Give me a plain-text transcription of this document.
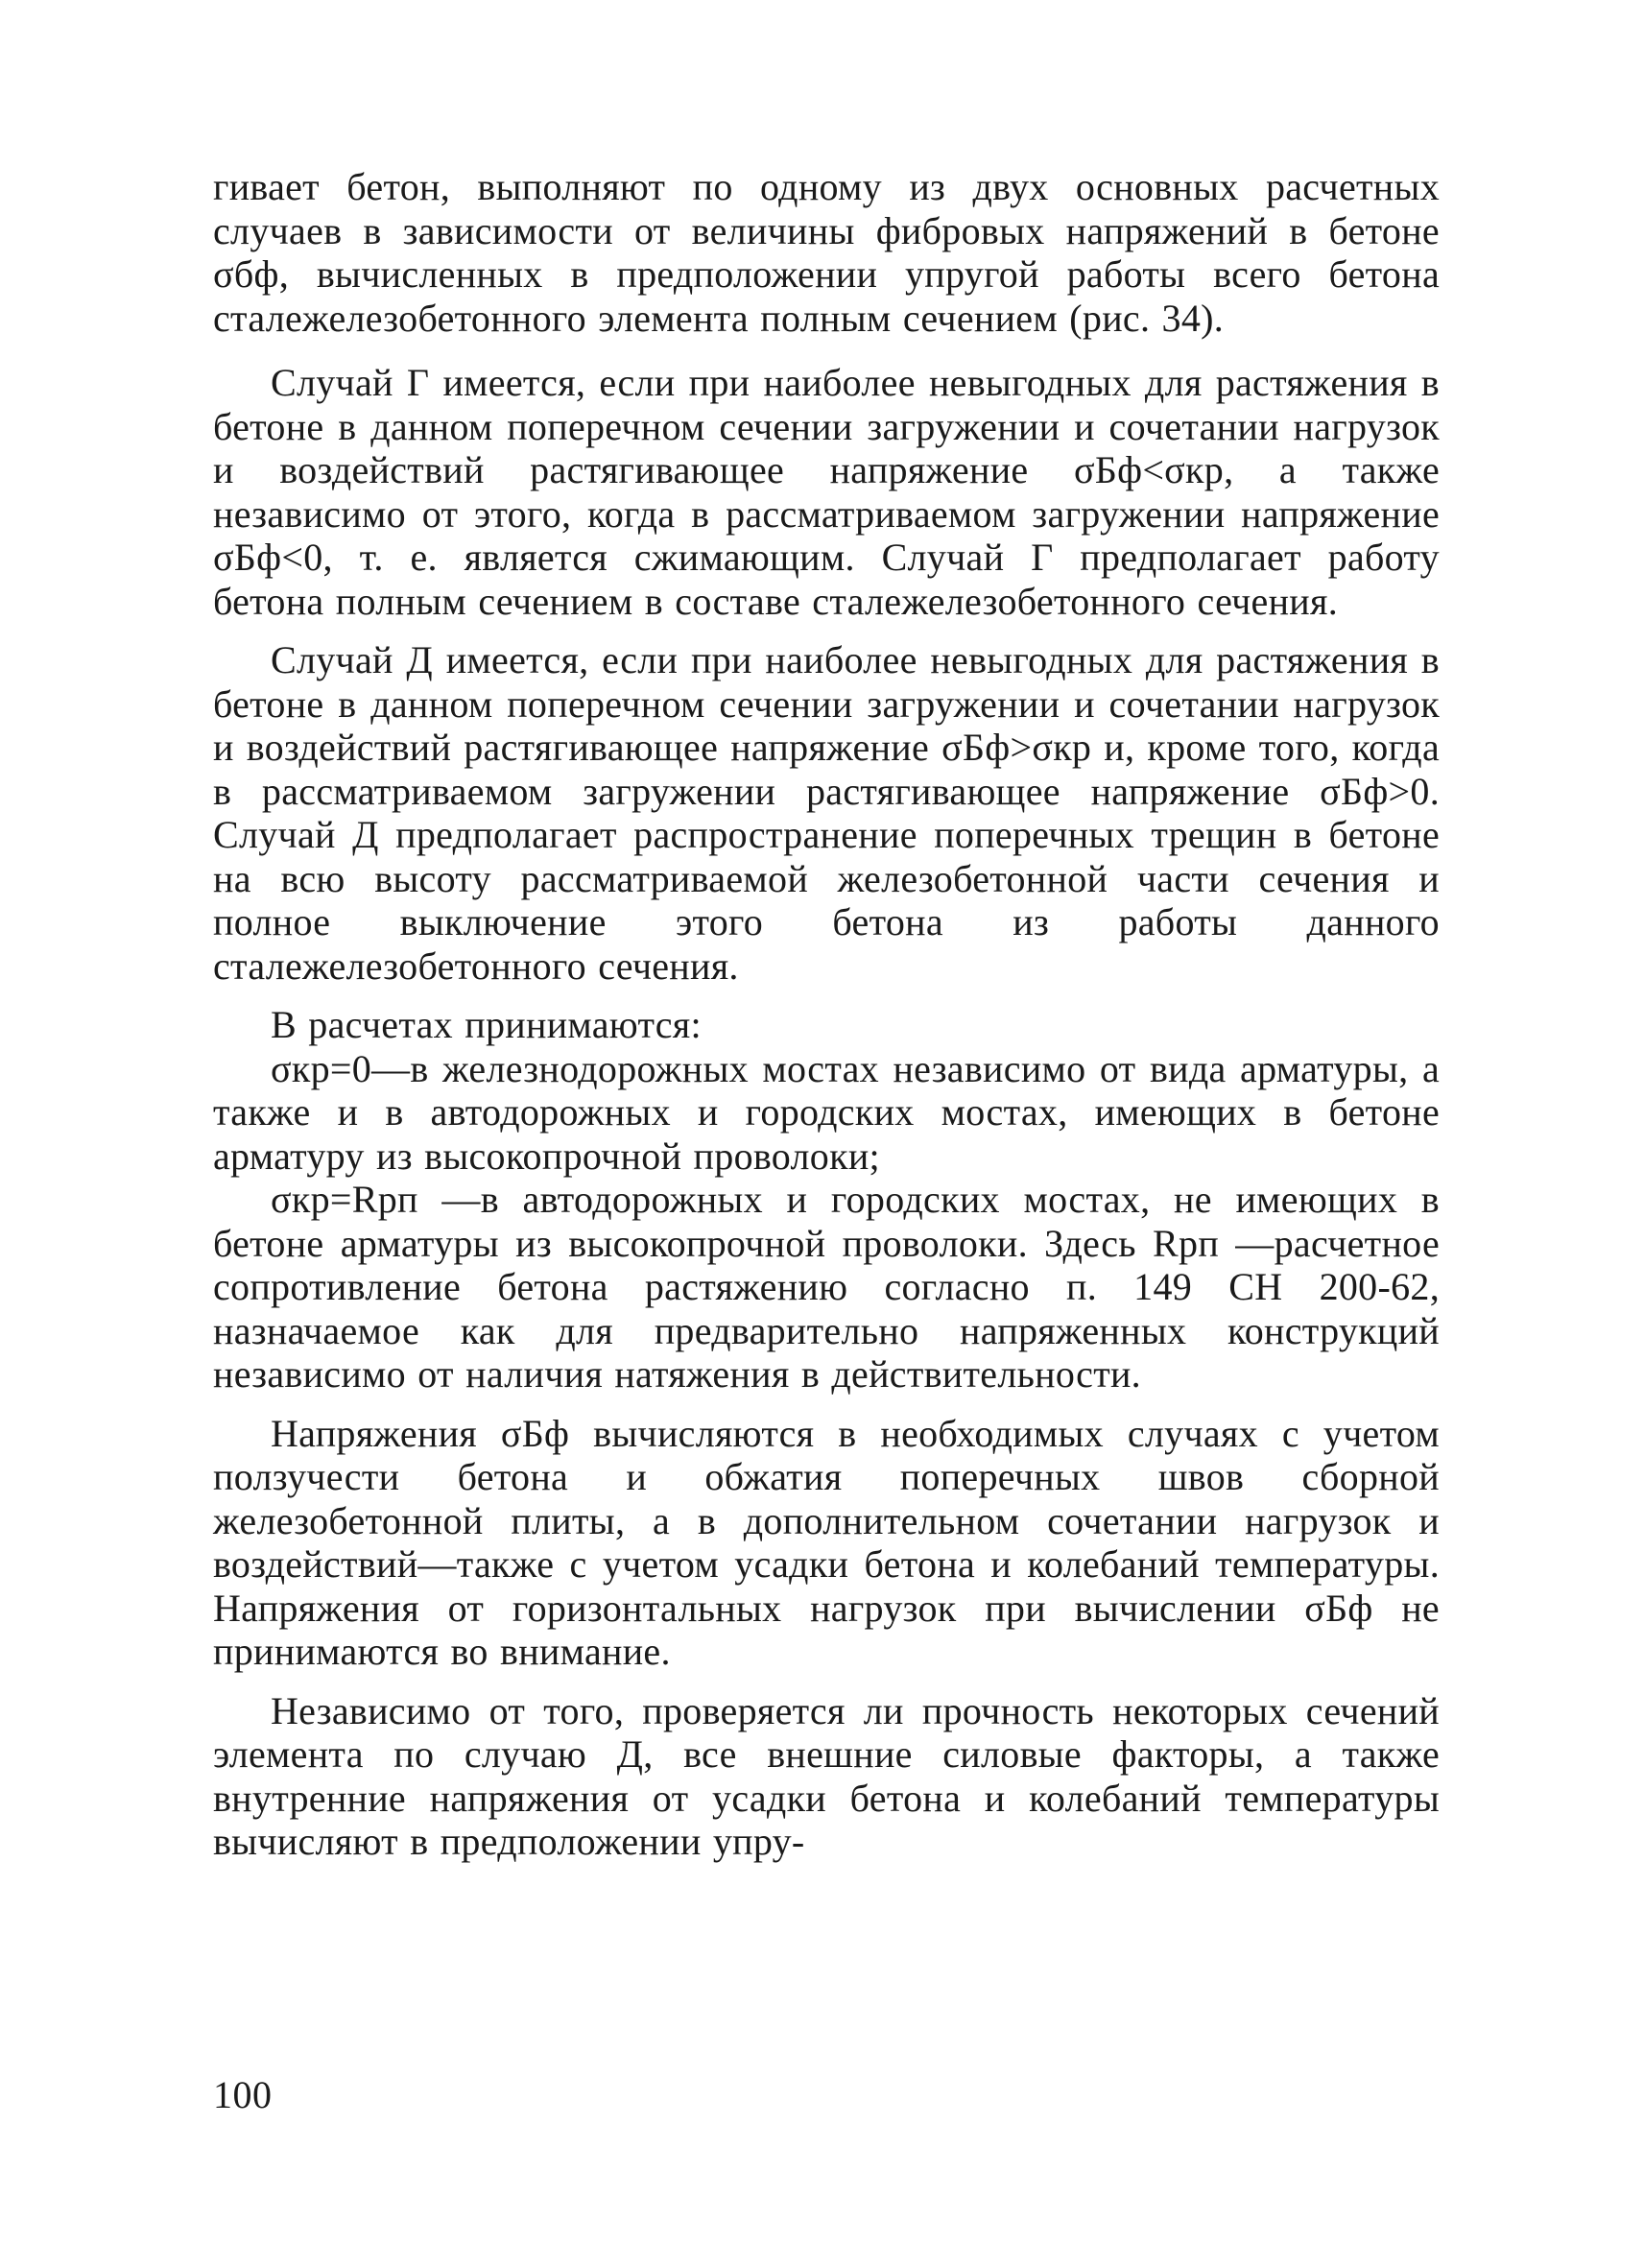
гивает бетон, выполняют по одному из двух основных расчетных случаев в зависимости от величины фибровых напряжений в бетоне σбф, вычисленных в предположении упругой работы всего бетона сталежелезобетонного элемента полным сечением (рис. 34).

Случай Г имеется, если при наиболее невыгодных для растяжения в бетоне в данном поперечном сечении загружении и сочетании нагрузок и воздействий растягивающее напряжение σБф<σкр, а также независимо от этого, когда в рассматриваемом загружении напряжение σБф<0, т. е. является сжимающим. Случай Г предполагает работу бетона полным сечением в составе сталежелезобетонного сечения.

Случай Д имеется, если при наиболее невыгодных для растяжения в бетоне в данном поперечном сечении загружении и сочетании нагрузок и воздействий растягивающее напряжение σБф>σкр и, кроме того, когда в рассматриваемом загружении растягивающее напряжение σБф>0. Случай Д предполагает распространение поперечных трещин в бетоне на всю высоту рассматриваемой железобетонной части сечения и полное выключение этого бетона из работы данного сталежелезобетонного сечения.

В расчетах принимаются:

σкр=0—в железнодорожных мостах независимо от вида арматуры, а также и в автодорожных и городских мостах, имеющих в бетоне арматуру из высокопрочной проволоки;

σкр=Rрп —в автодорожных и городских мостах, не имеющих в бетоне арматуры из высокопрочной проволоки. Здесь Rрп —расчетное сопротивление бетона растяжению согласно п. 149 СН 200-62, назначаемое как для предварительно напряженных конструкций независимо от наличия натяжения в действительности.

Напряжения σБф вычисляются в необходимых случаях с учетом ползучести бетона и обжатия поперечных швов сборной железобетонной плиты, а в дополнительном сочетании нагрузок и воздействий—также с учетом усадки бетона и колебаний температуры. Напряжения от горизонтальных нагрузок при вычислении σБф не принимаются во внимание.

Независимо от того, проверяется ли прочность некоторых сечений элемента по случаю Д, все внешние силовые факторы, а также внутренние напряжения от усадки бетона и колебаний температуры вычисляют в предположении упру-

100
